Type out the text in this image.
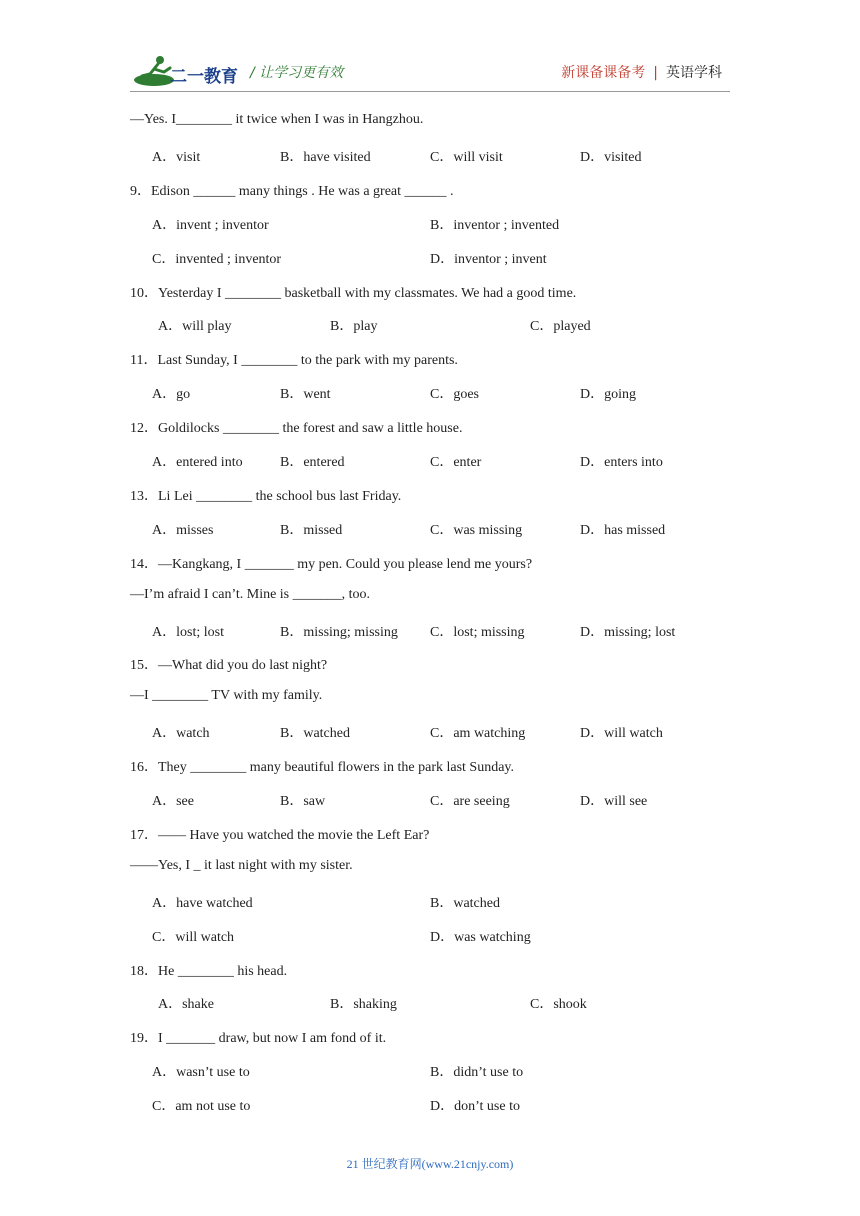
二一教育 / 让学习更有效	新课备课备考 | 英语学科
—Yes. I________ it twice when I was in Hangzhou.
A．visit	B．have visited	C．will visit	D．visited
9．Edison ______ many things . He was a great ______ .
A．invent ; inventor	B．inventor ; invented
C．invented ; inventor	D．inventor ; invent
10．Yesterday I ________ basketball with my classmates. We had a good time.
A．will play	B．play	C．played
11．Last Sunday, I ________ to the park with my parents.
A．go	B．went	C．goes	D．going
12．Goldilocks ________ the forest and saw a little house.
A．entered into	B．entered	C．enter	D．enters into
13．Li Lei ________ the school bus last Friday.
A．misses	B．missed	C．was missing	D．has missed
14．—Kangkang, I _______ my pen. Could you please lend me yours?
—I’m afraid I can’t. Mine is _______, too.
A．lost; lost	B．missing; missing C．lost; missing	D．missing; lost
15．—What did you do last night?
—I ________ TV with my family.
A．watch	B．watched	C．am watching	D．will watch
16．They ________ many beautiful flowers in the park last Sunday.
A．see	B．saw	C．are seeing	D．will see
17．—— Have you watched the movie the Left Ear?
——Yes, I _ it last night with my sister.
A．have watched	B．watched
C．will watch	D．was watching
18．He ________ his head.
A．shake	B．shaking	C．shook
19．I _______ draw, but now I am fond of it.
A．wasn’t use to	B．didn’t use to
C．am not use to	D．don’t use to
21 世纪教育网(www.21cnjy.com)
